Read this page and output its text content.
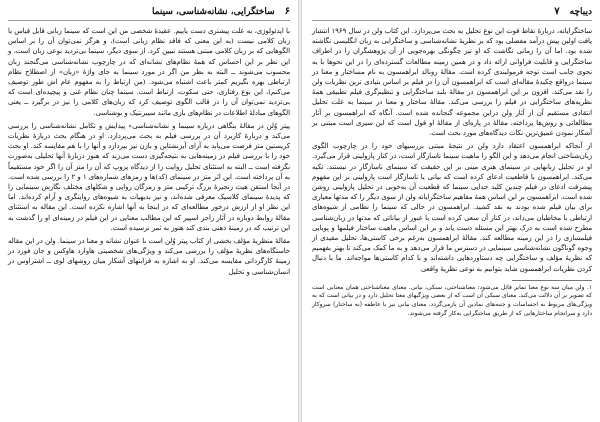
۶
ساختگرایی، نشانه‌شناسی، سینما

با ایدئولوژی، به علت پیشتری دست یابیم. عقیدهٔ شخصی من این است که سینما زبانی قابل قیاس با زبان کلامی نیست (به این معنی که فاقد نظام زبانی است)، و هرگز نمی‌توان آن را بر اساس الگوهایی که بر زبان کلامی مبتنی هستند تبیین کرد. از سوی دیگر، سینما بی‌تردید نوعی زبان است، و این نظر بر این احساس که همهٔ نظام‌های نشانه‌ای که در چارچوب نشانه‌شناسی می‌گنجند زبان محسوب می‌شوند ــ البته به نظر من اگر در مورد سینما به جای واژهٔ «زبان» از اصطلاح نظام ارتباطی بهره بگیریم کمتر باعث اشتباه می‌شود. (من ارتباط را به مفهوم عام اش طور توصیف می‌کنم)، این نوع رفتاری، حتی سکوت، ارتباط است. سینما چنان نظام غنی و پیچیده‌ای است که بی‌تردید نمی‌توان آن را در قالب الگوی توصیف کرد که زبان‌های کلامی را نیز در برگیرد ــ یعنی الگوهای مبادلهٔ اطلاعات در نظام‌های بازی مانند سیبرنتیک و بوشناسی.

پیتر وُلن در مقالهٔ بنگاهی درباره سینما و نشانه‌شناسی» پیدایش و تکامل نشانه‌شناسی را بررسی می‌کند و دربارهٔ کاربرد آن در بررسی فیلم به بحث می‌پردازد. او در هنگام بحث دربارهٔ نظریات کریستین متز فرصت می‌یابد به آرای آیزنشتاین و بازن نیز بپردازد و آنها را با هم مقایسه کند. او بحث خود را با بررسی فیلم در زمینه‌هایی به نتیجه‌گیری دست می‌زند که هنوز دربارهٔ آنها تحلیلی به‌صورت نگرفته است ــ البته به استثنای تحلیل روایت را از دیدگاه پروپ که آن را متز آن را اگر خود مستقیماً به آن پرداخته است. این اثر متز در سینمای (کد)ها و رمزهای شماره‌های ۱ و ۲ را بررسی شده است. در آنجا استفن هیث زنجیرهٔ بزرگ ترکیبی متز و رمزگان روایی و شکلهای مختلف نگارش سینمایی را که پدیدهٔ سینمای کلاسیک معرفی شده‌اند، و نیز بدیهیات به شیوه‌های روایتگری و آرام کرده‌اند. اما این نظر او از ارزش درخور مطالعه‌ای که در اینجا به آنها اشاره نکرده است. این مقاله به استثنای مقالهٔ روابط دوباره در آثار راجر اسپیر که این مطالب معنایی در این فیلم در زمینه‌ای او را گذشت به این ترتیب که در زمینهٔ ذهنی بندی کند هنوز به ثمر نرسیده است.

مقالهٔ منظریهٔ مؤلف بخشی از کتاب پیتر وُلن است با عنوان نشانه و معنا در سینما. ولن در این مقاله خاستگاه‌های نظریهٔ مؤلف را بررسی می‌کند و ویژگی‌های شخصیتی هاوارد هاوکس و جان فورد در زمینهٔ کارگردانی مقایسه می‌کند. او به اشاره به قرابتهای آشکار میان روشهای لوی ــ اشتراوس در انسان‌شناسی و تحلیل

دیباچه
۷

ساختگرایانه، دربارهٔ نقاط قوت این نوع تحلیل به بحث می‌پردازد. این کتاب ولن در سال ۱۹۶۹ انتشار یافت اولین پیش درآمد مفصلی بود که بر نظریهٔ نشانه‌شناسی و ساختگرایی به زبان انگلیسی نگاشته شده بود. اما آن را زمانی نگاشت که او تیز چگونگی بهره‌جویی از آن پژوهشگران را در اطراف ساختگرایی و قابلیت فراوانی ارائه داد و در همین زمینه مطالعات گسترده‌ای را در این نحوها با به نحوی جانب است توجه فرمولبندی کرده است. مقالهٔ رونالد ابراهمسون به نام مساختار و معنا در سینما درواقع چکیدهٔ مقاله‌ای است که ابراهمسون آن را در فیلم بر اساس بنیادی ترین نظریات ولن را نقد می‌کند. افزون بر این ابراهمسون در مقالهٔ بلند ساختگرایی و تنظیم‌گری فیلم تطبیقی همهٔ نظریه‌های ساختگرایی در فیلم را بررسی می‌کند. مقالهٔ ساختار و معنا در سینما به علت تحلیل انتقادی مستقیم آن از آثار ولن دراین مجموعه گنجانده شده است. آنگاه که ابراهمسون بر آثار مطالعاتی و روش‌ها پرداخته، مقالهٔ در پاره‌ای از مقالهٔ او قول است که این سیری است مبتنی بر آشکار نمودن عمیق‌ترین نکات دیدگاه‌های مورد بحث است.

از آنجاکه ابراهمسون اعتقاد دارد ولن در نتیجهٔ مبتنی بررسیهای خود را در چارچوب الگوی زبان‌شناختی انجام می‌دهد و این الگو را ماهیت سینما ناسازگار است، در کنار پازولینی قرار می‌گیرد. او در تحلیل زبانهایی در سینمای هنری مینی بر این حقیقت که سینمای ناسازگار در نیستند. تکیه می‌کند. ابراهمسون با قاطعیت ادعای کرده است که بیانی یا ناسازگار است پازولینی بر این مفهوم پیشرفت ادعای در فیلم چندین کلید جدایی سینما که قطعیت آن به‌خوبی در تحلیل پازولینی روشن شده است. ابراهمسون بر این اساس همهٔ مفاهیم ساختگرایانه ولن از سوی دیگر را که مدتها معیاری برای بیان فیلم شده بودند به نقد کشید. ابراهمسون در حالی که سینما را نظامی از شیوه‌های ارتباطی با مخاطبان می‌داند، در کنار آن سعی کرده است با عبور از بیاناتی که مدتها در زبان‌شناسی مطرح شده است به درک بهتر این مسئله دست یابد و بر این اساس ماهیت ساختار فیلمها و پویایی فیلمسازی را در این زمینه مطالعه کند. مقالهٔ ابراهمسون به‌رغم برخی کاستی‌ها، تحلیل مفیدی از وجوه گوناگون نشانه‌شناسی سینمایی در دسترس ما قرار می‌دهد و به ما کمک می‌کند تا بهتر بفهمیم که نظریهٔ مؤلف و ساختگرایی چه دستاوردهایی داشته‌اند و با کدام کاستی‌ها مواجه‌اند. ما با دنبال کردن نظریات ابراهمسون شاید بتوانیم به نوعی نظریهٔ واقعی

۱. ولن میان سه نوع معنا تمایز قائل می‌شود: معناشناختی، سبکی، بیانی. معنای معناشناختی همان معنایی است که تصویر بر آن دلالت می‌کند. معنای سبکی آن است که از بعضی ویژگیهای معنا تحلیل دارد و در بیانی است که به ویژگی‌های مربوط به احساسات و جنبه‌های نمادین آن بازمی‌گردد. معنای بیانی نیز با عاطفه (نه ساختار) سروکار دارد و سرانجام ساختارهایی که از طریق ساختگرایی به‌کار گرفته می‌شوند.
